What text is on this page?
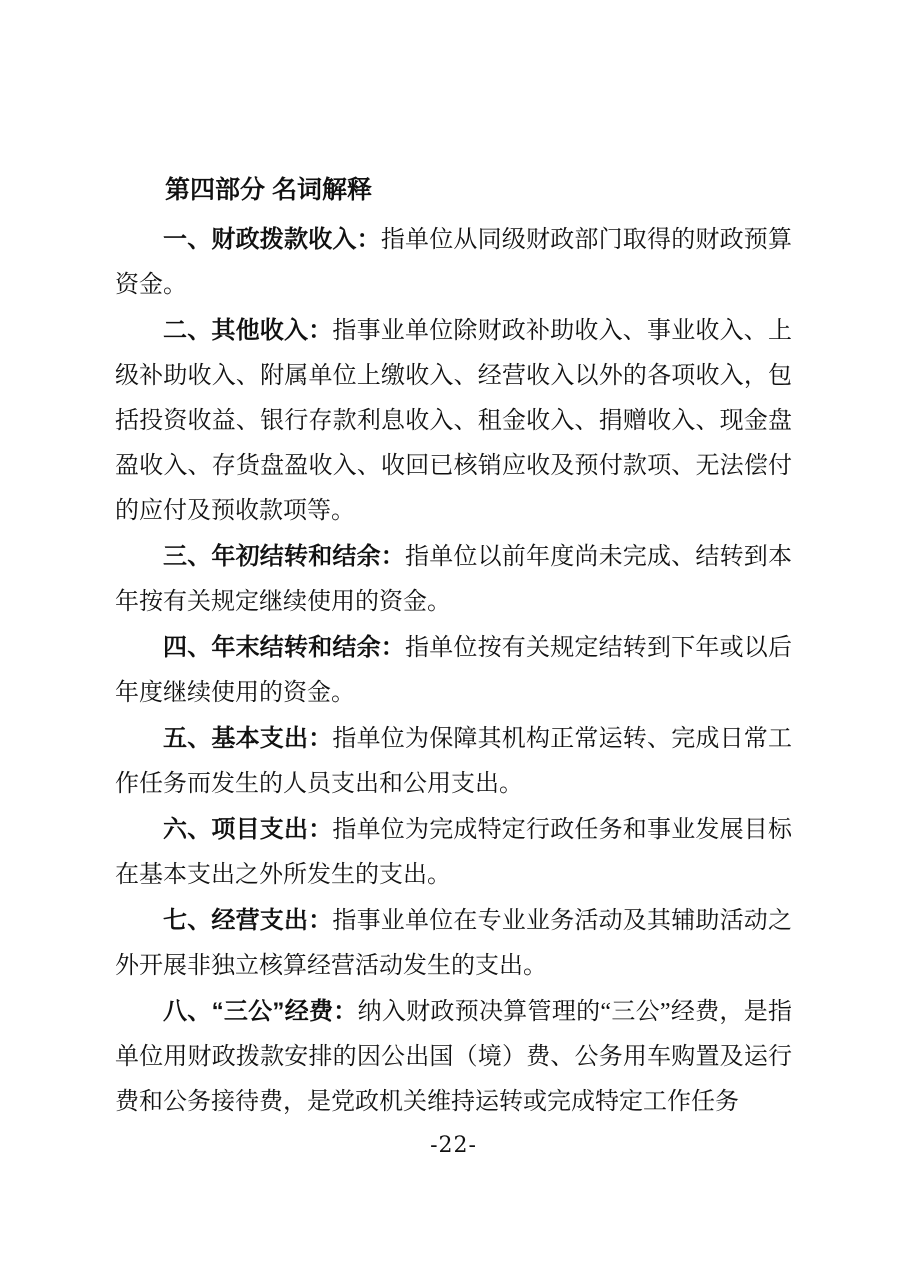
第四部分 名词解释

一、财政拨款收入：指单位从同级财政部门取得的财政预算资金。

二、其他收入：指事业单位除财政补助收入、事业收入、上级补助收入、附属单位上缴收入、经营收入以外的各项收入，包括投资收益、银行存款利息收入、租金收入、捐赠收入、现金盘盈收入、存货盘盈收入、收回已核销应收及预付款项、无法偿付的应付及预收款项等。

三、年初结转和结余：指单位以前年度尚未完成、结转到本年按有关规定继续使用的资金。

四、年末结转和结余：指单位按有关规定结转到下年或以后年度继续使用的资金。

五、基本支出：指单位为保障其机构正常运转、完成日常工作任务而发生的人员支出和公用支出。

六、项目支出：指单位为完成特定行政任务和事业发展目标在基本支出之外所发生的支出。

七、经营支出：指事业单位在专业业务活动及其辅助活动之外开展非独立核算经营活动发生的支出。

八、“三公”经费：纳入财政预决算管理的“三公”经费，是指单位用财政拨款安排的因公出国（境）费、公务用车购置及运行费和公务接待费，是党政机关维持运转或完成特定工作任务

-22-
